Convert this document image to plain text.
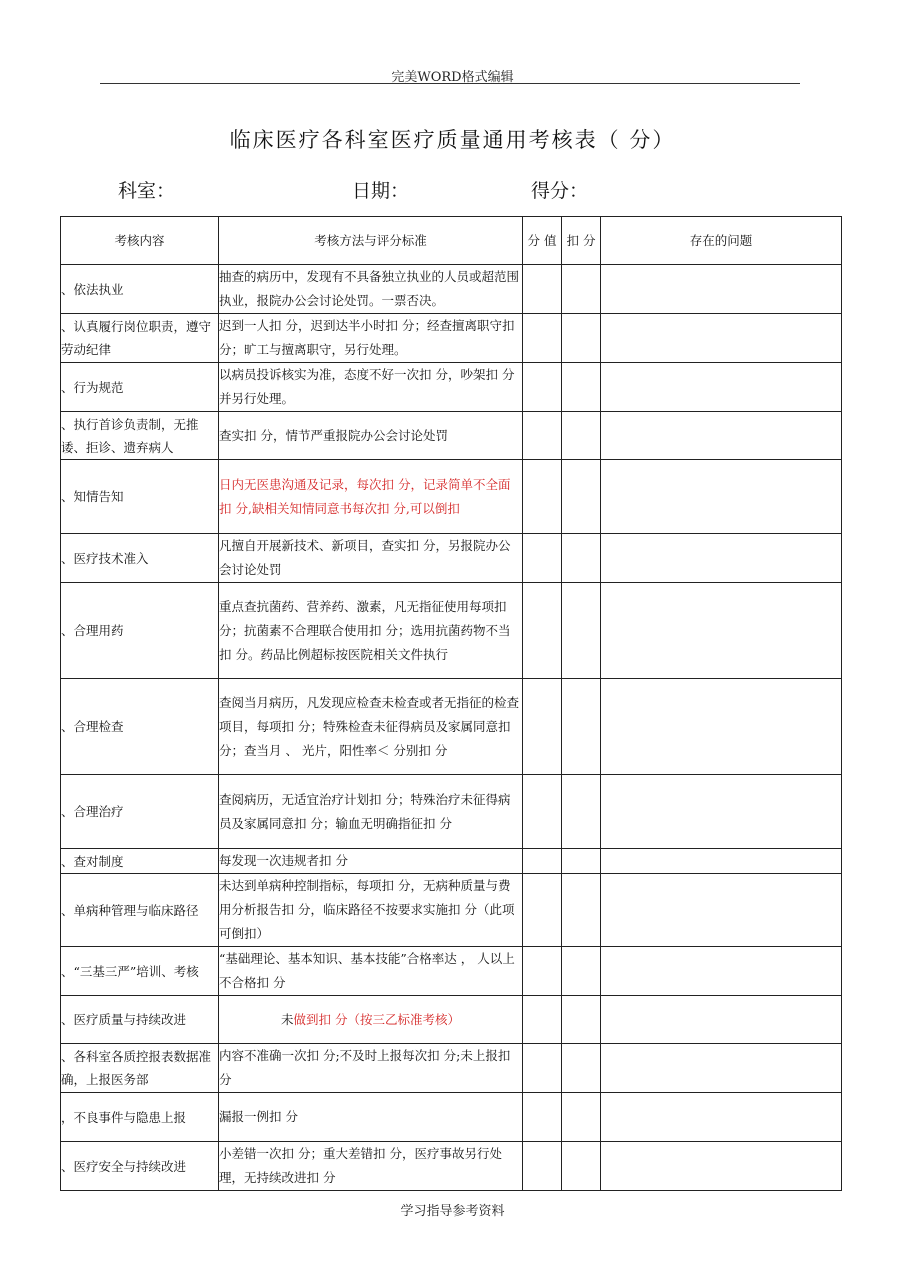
完美WORD格式编辑
临床医疗各科室医疗质量通用考核表（ 分）
科室：	日期：	得分：
考核内容	考核方法与评分标准	分 值	扣 分	存在的问题
、依法执业	抽查的病历中，发现有不具备独立执业的人员或超范围执业，报院办公会讨论处罚。一票否决。			
、认真履行岗位职责，遵守劳动纪律	迟到一人扣 分，迟到达半小时扣 分；经查擅离职守扣 分；旷工与擅离职守，另行处理。			
、行为规范	以病员投诉核实为准，态度不好一次扣 分，吵架扣 分并另行处理。			
、执行首诊负责制，无推诿、拒诊、遗弃病人	查实扣 分，情节严重报院办公会讨论处罚			
、知情告知	日内无医患沟通及记录，每次扣 分，记录简单不全面扣 分,缺相关知情同意书每次扣 分,可以倒扣			
、医疗技术准入	凡擅自开展新技术、新项目，查实扣 分，另报院办公会讨论处罚			
、合理用药	重点查抗菌药、营养药、激素，凡无指征使用每项扣 分；抗菌素不合理联合使用扣 分；选用抗菌药物不当扣 分。药品比例超标按医院相关文件执行			
、合理检查	查阅当月病历，凡发现应检查未检查或者无指征的检查项目，每项扣 分；特殊检查未征得病员及家属同意扣 分；查当月 、 光片，阳性率＜ 分别扣 分			
、合理治疗	查阅病历，无适宜治疗计划扣 分；特殊治疗未征得病员及家属同意扣 分；输血无明确指征扣 分			
、查对制度	每发现一次违规者扣 分			
、单病种管理与临床路径	未达到单病种控制指标，每项扣 分，无病种质量与费用分析报告扣 分，临床路径不按要求实施扣 分（此项可倒扣）			
、“三基三严”培训、考核	“基础理论、基本知识、基本技能”合格率达 ， 人以上不合格扣 分			
、医疗质量与持续改进	未做到扣 分（按三乙标准考核）			
、各科室各质控报表数据准确，上报医务部	内容不准确一次扣 分;不及时上报每次扣 分;未上报扣 分			
，不良事件与隐患上报	漏报一例扣 分			
、医疗安全与持续改进	小差错一次扣 分；重大差错扣 分，医疗事故另行处理，无持续改进扣 分			
学习指导参考资料
